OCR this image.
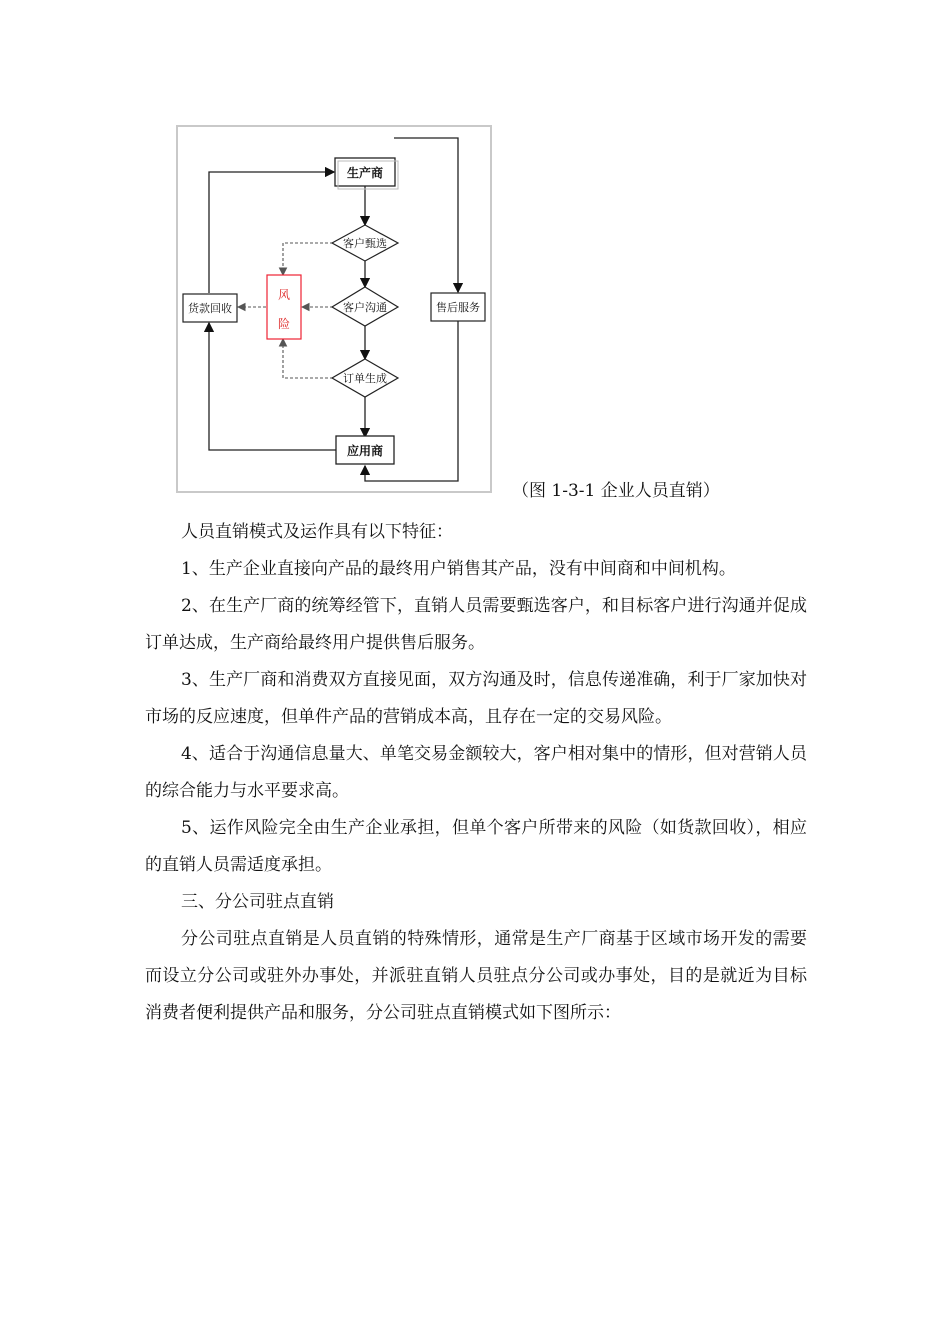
生产商
客户甄选
客户沟通
订单生成
应用商
货款回收	售后服务
风
险
（图 1-3-1 企业人员直销）

人员直销模式及运作具有以下特征：

1、生产企业直接向产品的最终用户销售其产品，没有中间商和中间机构。

2、在生产厂商的统筹经管下，直销人员需要甄选客户，和目标客户进行沟通并促成订单达成，生产商给最终用户提供售后服务。

3、生产厂商和消费双方直接见面，双方沟通及时，信息传递准确，利于厂家加快对市场的反应速度，但单件产品的营销成本高，且存在一定的交易风险。

4、适合于沟通信息量大、单笔交易金额较大，客户相对集中的情形，但对营销人员的综合能力与水平要求高。

5、运作风险完全由生产企业承担，但单个客户所带来的风险（如货款回收），相应的直销人员需适度承担。

三、分公司驻点直销

分公司驻点直销是人员直销的特殊情形，通常是生产厂商基于区域市场开发的需要而设立分公司或驻外办事处，并派驻直销人员驻点分公司或办事处，目的是就近为目标消费者便利提供产品和服务，分公司驻点直销模式如下图所示：
